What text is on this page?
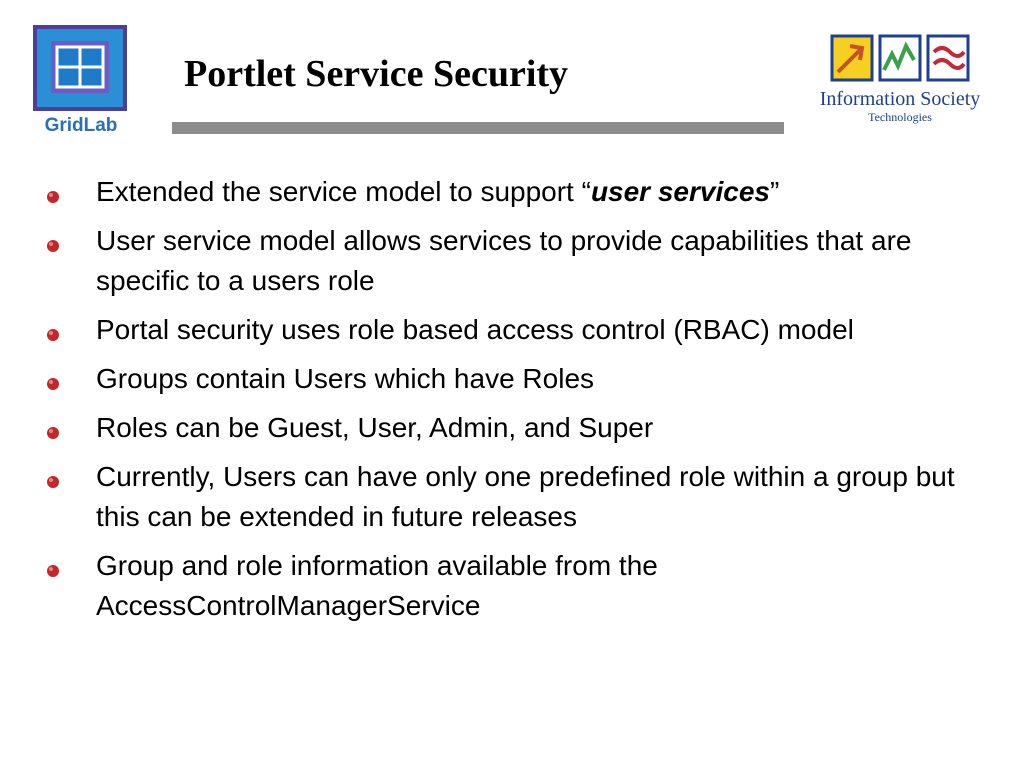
GridLab
Portlet Service Security
Information Society
Technologies
Extended the service model to support “user services”
User service model allows services to provide capabilities that are specific to a users role
Portal security uses role based access control (RBAC) model
Groups contain Users which have Roles
Roles can be Guest, User, Admin, and Super
Currently, Users can have only one predefined role within a group but this can be extended in future releases
Group and role information available from the AccessControlManagerService
